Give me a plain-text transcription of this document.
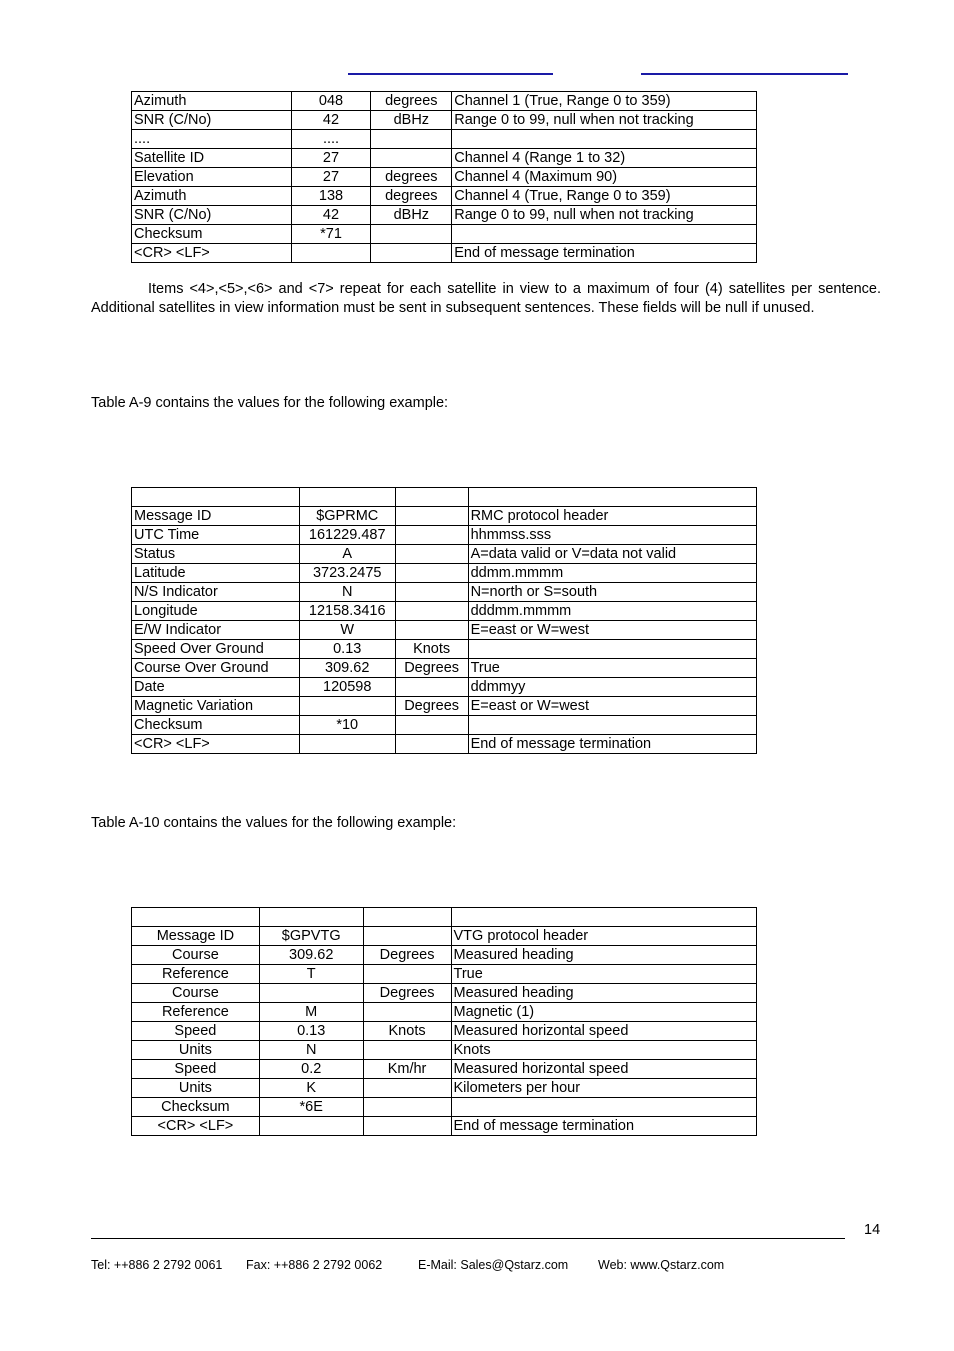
Azimuth	048	degrees	Channel 1 (True, Range 0 to 359)
SNR (C/No)	42	dBHz	Range 0 to 99, null when not tracking
....	....		
Satellite ID	27		Channel 4 (Range 1 to 32)
Elevation	27	degrees	Channel 4 (Maximum 90)
Azimuth	138	degrees	Channel 4 (True, Range 0 to 359)
SNR (C/No)	42	dBHz	Range 0 to 99, null when not tracking
Checksum	*71		
<CR> <LF>			End of message termination
Items <4>,<5>,<6> and <7> repeat for each satellite in view to a maximum of four (4) satellites per sentence. Additional satellites in view information must be sent in subsequent sentences. These fields will be null if unused.
Table A-9 contains the values for the following example:

Message ID	$GPRMC		RMC protocol header
UTC Time	161229.487		hhmmss.sss
Status	A		A=data valid or V=data not valid
Latitude	3723.2475		ddmm.mmmm
N/S Indicator	N		N=north or S=south
Longitude	12158.3416		dddmm.mmmm
E/W Indicator	W		E=east or W=west
Speed Over Ground	0.13	Knots	
Course Over Ground	309.62	Degrees	True
Date	120598		ddmmyy
Magnetic Variation		Degrees	E=east or W=west
Checksum	*10		
<CR> <LF>			End of message termination
Table A-10 contains the values for the following example:

Message ID	$GPVTG		VTG protocol header
Course	309.62	Degrees	Measured heading
Reference	T		True
Course		Degrees	Measured heading
Reference	M		Magnetic (1)
Speed	0.13	Knots	Measured horizontal speed
Units	N		Knots
Speed	0.2	Km/hr	Measured horizontal speed
Units	K		Kilometers per hour
Checksum	*6E		
<CR> <LF>			End of message termination
14
Tel: ++886 2 2792 0061 Fax: ++886 2 2792 0062	E-Mail: Sales@Qstarz.com Web: www.Qstarz.com
